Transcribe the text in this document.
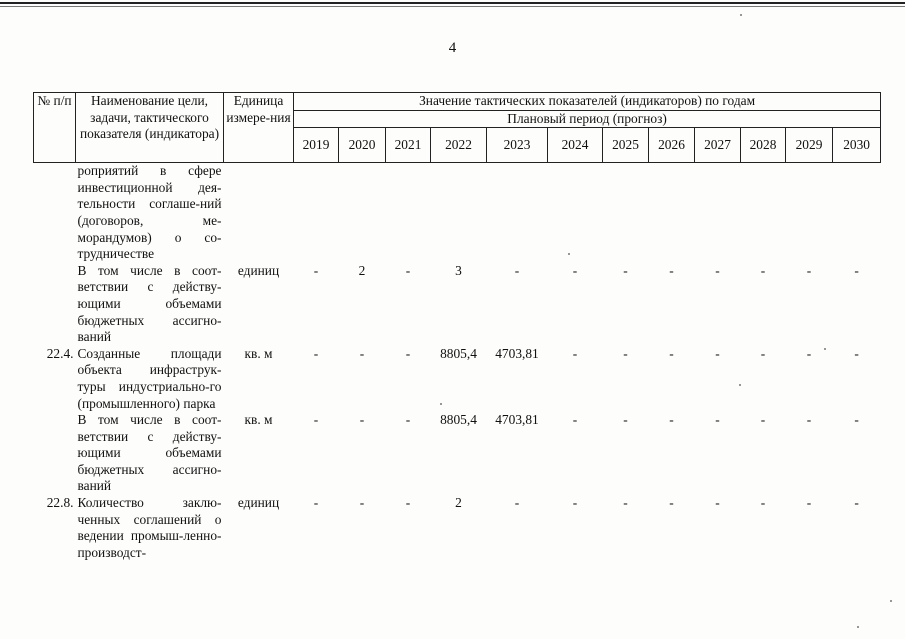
4
№ п/п	Наименование цели, задачи, тактического показателя (индикатора)	Единица измере-ния	Значение тактических показателей (индикаторов) по годам											
			Плановый период (прогноз)											
			2019	2020	2021	2022	2023	2024	2025	2026	2027	2028	2029	2030
	роприятий в сфере инвестиционной дея-тельности соглаше-ний (договоров, ме-морандумов) о со-трудничестве													
	В том числе в соот-ветствии с действу-ющими объемами бюджетных ассигно-ваний	единиц	-	2	-	3	-	-	-	-	-	-	-	-
22.4.	Созданные площади объекта инфраструк-туры индустриально-го (промышленного) парка	кв. м	-	-	-	8805,4	4703,81	-	-	-	-	-	-	-
	В том числе в соот-ветствии с действу-ющими объемами бюджетных ассигно-ваний	кв. м	-	-	-	8805,4	4703,81	-	-	-	-	-	-	-
22.8.	Количество заклю-ченных соглашений о ведении промыш-ленно-производст-	единиц	-	-	-	2	-	-	-	-	-	-	-	-
